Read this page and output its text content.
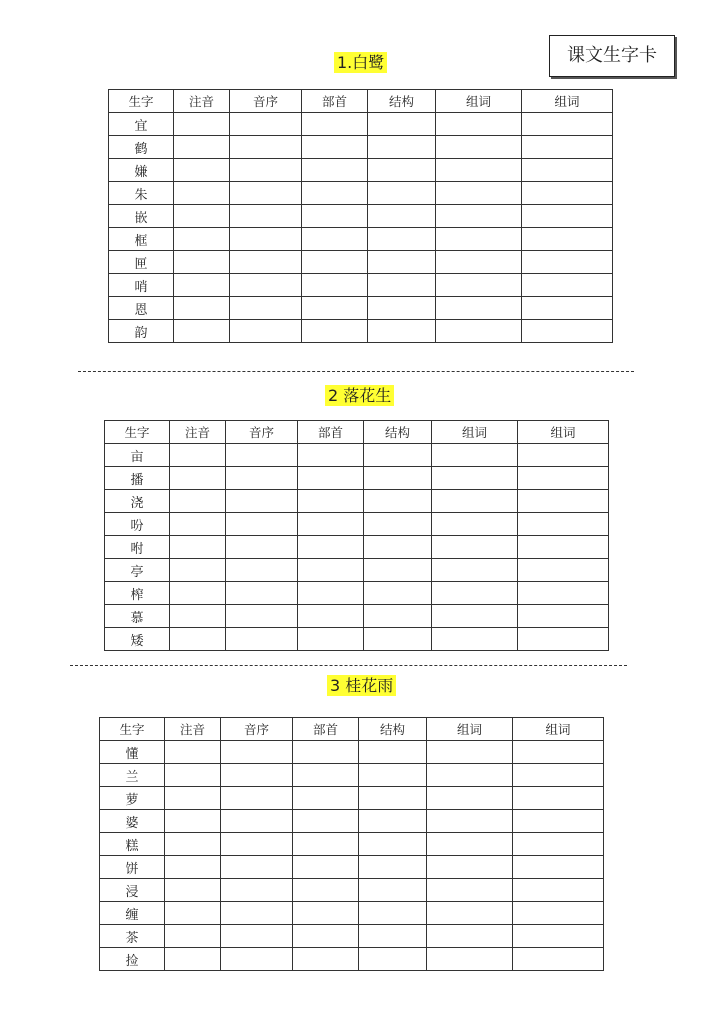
课文生字卡
1.白鹭
生字	注音	音序	部首	结构	组词	组词
宜						
鹤						
嫌						
朱						
嵌						
框						
匣						
哨						
恩						
韵						
2 落花生
生字	注音	音序	部首	结构	组词	组词
亩						
播						
浇						
吩						
咐						
亭						
榨						
慕						
矮						
3 桂花雨
生字	注音	音序	部首	结构	组词	组词
懂						
兰						
萝						
婆						
糕						
饼						
浸						
缠						
茶						
捡						
